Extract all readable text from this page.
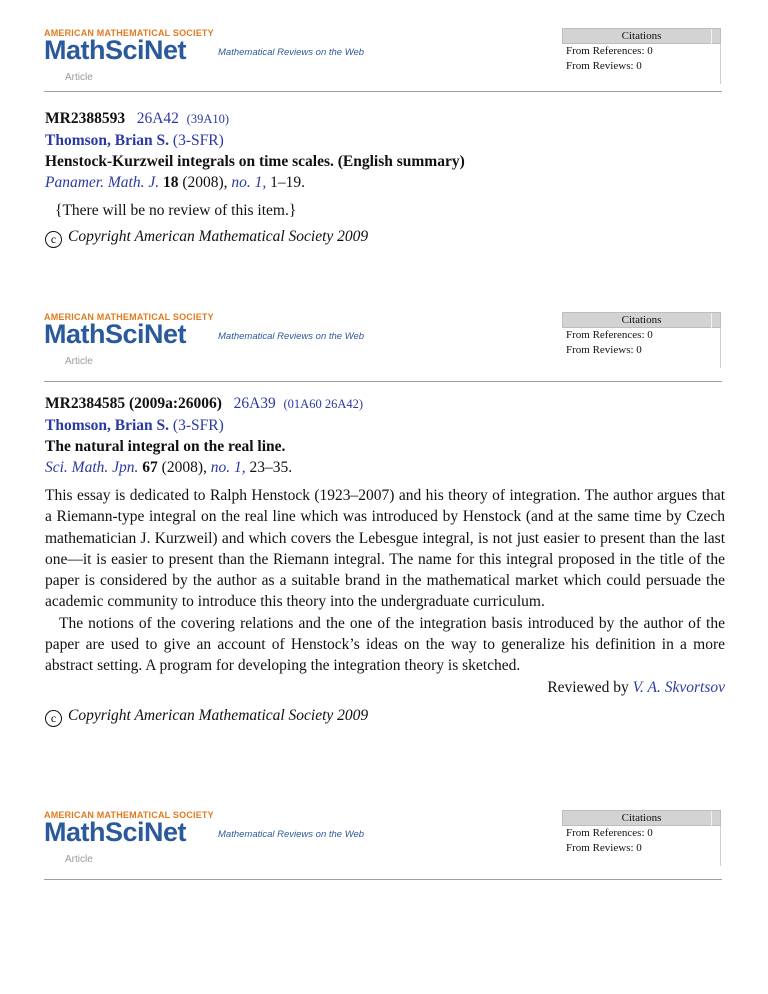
AMERICAN MATHEMATICAL SOCIETY
MathSciNet	Mathematical Reviews on the Web
Article
Citations
From References: 0
From Reviews: 0
MR2388593 26A42 (39A10)
Thomson, Brian S. (3-SFR)
Henstock-Kurzweil integrals on time scales. (English summary)
Panamer. Math. J. 18 (2008), no. 1, 1–19.
{There will be no review of this item.}
c Copyright American Mathematical Society 2009
AMERICAN MATHEMATICAL SOCIETY
MathSciNet	Mathematical Reviews on the Web
Article
Citations
From References: 0
From Reviews: 0
MR2384585 (2009a:26006) 26A39 (01A60 26A42)
Thomson, Brian S. (3-SFR)
The natural integral on the real line.
Sci. Math. Jpn. 67 (2008), no. 1, 23–35.

This essay is dedicated to Ralph Henstock (1923–2007) and his theory of integration. The author argues that a Riemann-type integral on the real line which was introduced by Henstock (and at the same time by Czech mathematician J. Kurzweil) and which covers the Lebesgue integral, is not just easier to present than the last one—it is easier to present than the Riemann integral. The name for this integral proposed in the title of the paper is considered by the author as a suitable brand in the mathematical market which could persuade the academic community to introduce this theory into the undergraduate curriculum.

The notions of the covering relations and the one of the integration basis introduced by the author of the paper are used to give an account of Henstock’s ideas on the way to generalize his definition in a more abstract setting. A program for developing the integration theory is sketched.

Reviewed by V. A. Skvortsov
c Copyright American Mathematical Society 2009
AMERICAN MATHEMATICAL SOCIETY
MathSciNet	Mathematical Reviews on the Web
Article
Citations
From References: 0
From Reviews: 0
